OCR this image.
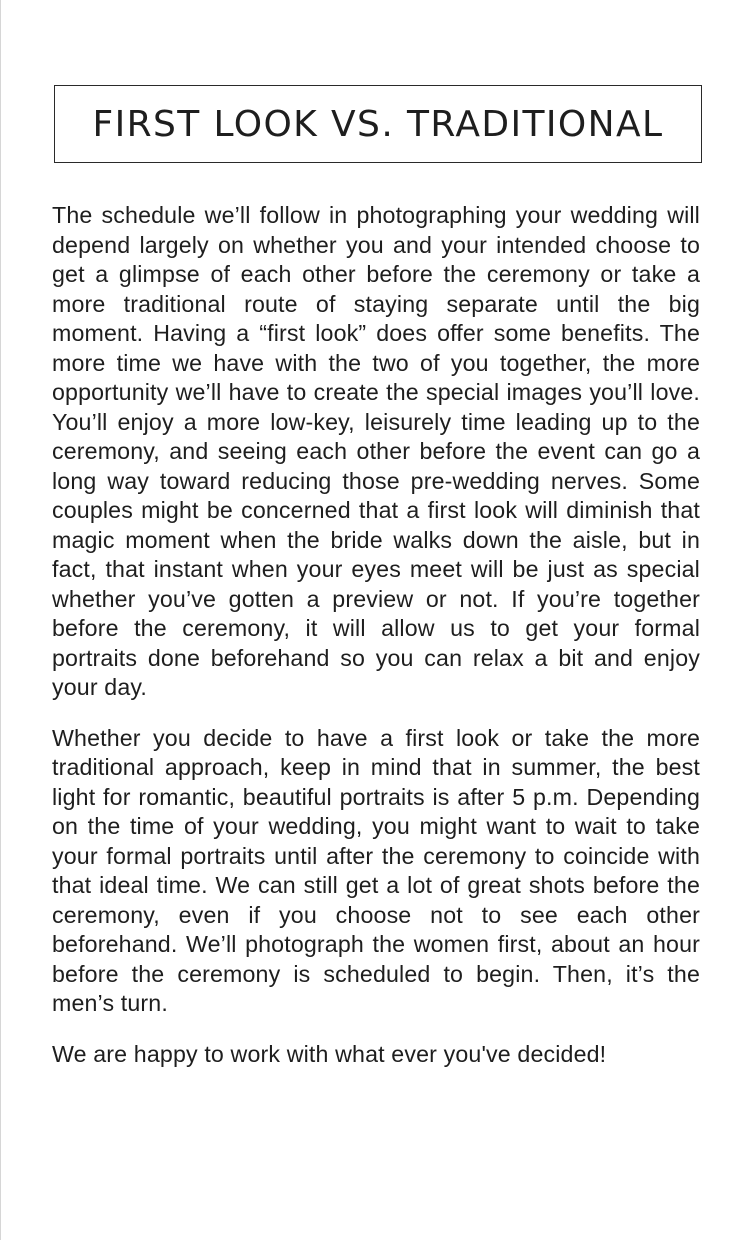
FIRST LOOK VS. TRADITIONAL

The schedule we’ll follow in photographing your wedding will depend largely on whether you and your intended choose to get a glimpse of each other before the ceremony or take a more traditional route of staying separate until the big moment. Having a “first look” does offer some benefits. The more time we have with the two of you together, the more opportunity we’ll have to create the special images you’ll love. You’ll enjoy a more low-key, leisurely time leading up to the ceremony, and seeing each other before the event can go a long way toward reducing those pre-wedding nerves. Some couples might be concerned that a first look will diminish that magic moment when the bride walks down the aisle, but in fact, that instant when your eyes meet will be just as special whether you’ve gotten a preview or not. If you’re together before the ceremony, it will allow us to get your formal portraits done beforehand so you can relax a bit and enjoy your day.

Whether you decide to have a first look or take the more traditional approach, keep in mind that in summer, the best light for romantic, beautiful portraits is after 5 p.m. Depending on the time of your wedding, you might want to wait to take your formal portraits until after the ceremony to coincide with that ideal time. We can still get a lot of great shots before the ceremony, even if you choose not to see each other beforehand. We’ll photograph the women first, about an hour before the ceremony is scheduled to begin. Then, it’s the men’s turn.

We are happy to work with what ever you've decided!
